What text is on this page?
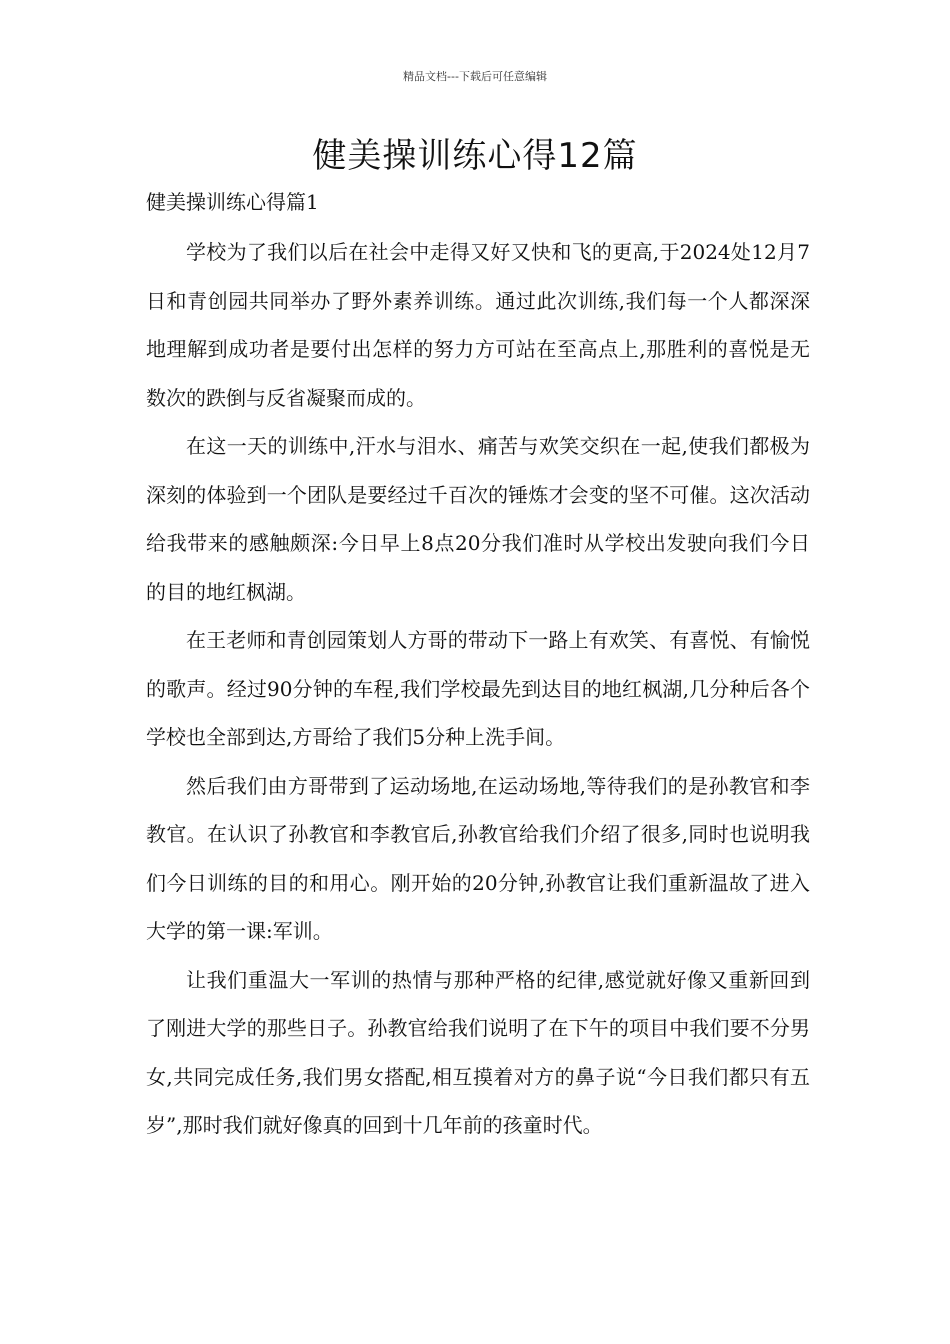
精品文档---下载后可任意编辑
健美操训练心得12篇
健美操训练心得篇1

学校为了我们以后在社会中走得又好又快和飞的更高,于2024处12月7日和青创园共同举办了野外素养训练。通过此次训练,我们每一个人都深深地理解到成功者是要付出怎样的努力方可站在至高点上,那胜利的喜悦是无数次的跌倒与反省凝聚而成的。

在这一天的训练中,汗水与泪水、痛苦与欢笑交织在一起,使我们都极为深刻的体验到一个团队是要经过千百次的锤炼才会变的坚不可催。这次活动给我带来的感触颇深:今日早上8点20分我们准时从学校出发驶向我们今日的目的地红枫湖。

在王老师和青创园策划人方哥的带动下一路上有欢笑、有喜悦、有愉悦的歌声。经过90分钟的车程,我们学校最先到达目的地红枫湖,几分种后各个学校也全部到达,方哥给了我们5分种上洗手间。

然后我们由方哥带到了运动场地,在运动场地,等待我们的是孙教官和李教官。在认识了孙教官和李教官后,孙教官给我们介绍了很多,同时也说明我们今日训练的目的和用心。刚开始的20分钟,孙教官让我们重新温故了进入大学的第一课:军训。

让我们重温大一军训的热情与那种严格的纪律,感觉就好像又重新回到了刚进大学的那些日子。孙教官给我们说明了在下午的项目中我们要不分男女,共同完成任务,我们男女搭配,相互摸着对方的鼻子说“今日我们都只有五岁”,那时我们就好像真的回到十几年前的孩童时代。
